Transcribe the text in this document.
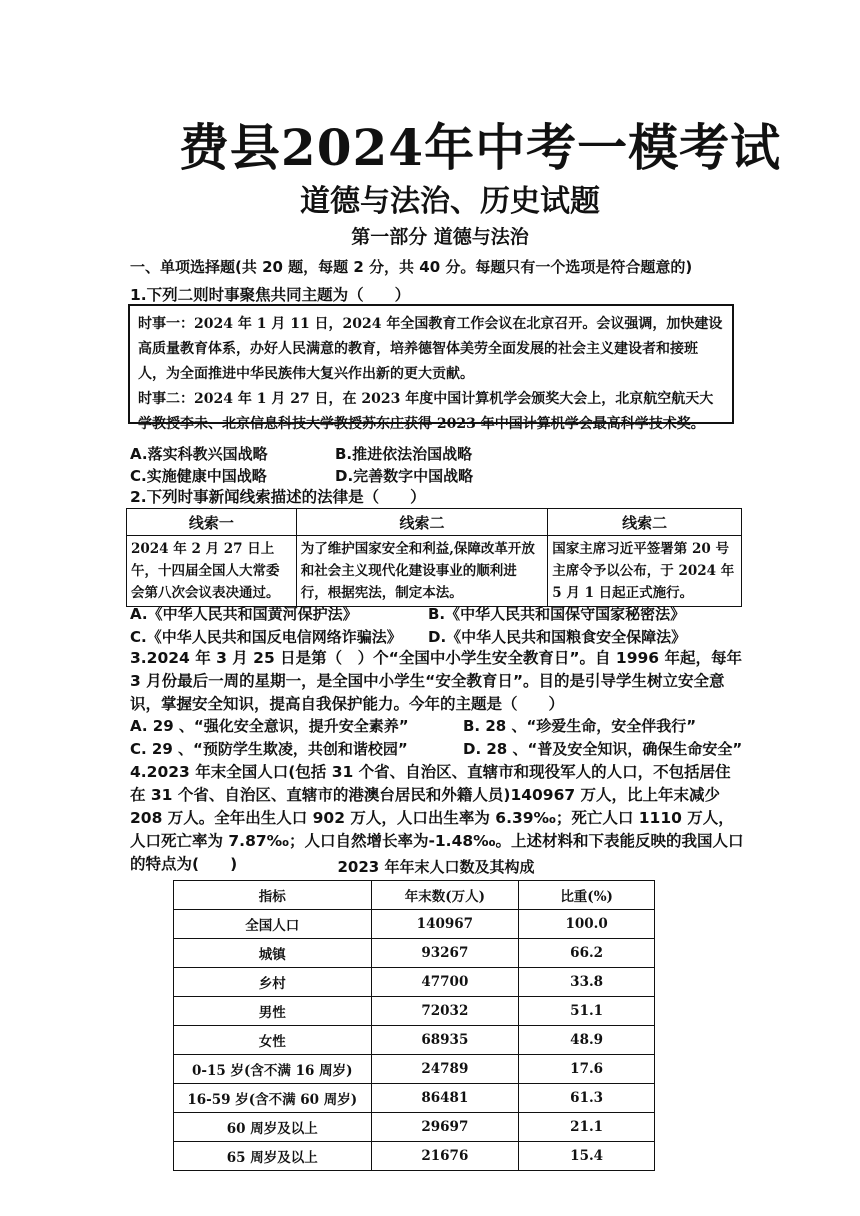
费县2024年中考一模考试
道德与法治、历史试题
第一部分 道德与法治
一、单项选择题(共 20 题，每题 2 分，共 40 分。每题只有一个选项是符合题意的)
1.下列二则时事聚焦共同主题为（　　）
时事一：2024 年 1 月 11 日，2024 年全国教育工作会议在北京召开。会议强调，加快建设高质量教育体系，办好人民满意的教育，培养德智体美劳全面发展的社会主义建设者和接班人，为全面推进中华民族伟大复兴作出新的更大贡献。
时事二：2024 年 1 月 27 日，在 2023 年度中国计算机学会颁奖大会上，北京航空航天大学教授李未、北京信息科技大学教授苏东庄获得 2023 年中国计算机学会最高科学技术奖。
A.落实科教兴国战略	B.推进依法治国战略
C.实施健康中国战略	D.完善数字中国战略
2.下列时事新闻线索描述的法律是（　　）
线索一	线索二	线索二
2024 年 2 月 27 日上午，十四届全国人大常委会第八次会议表决通过。	为了维护国家安全和利益,保障改革开放和社会主义现代化建设事业的顺利进行，根据宪法，制定本法。	国家主席习近平签署第 20 号主席令予以公布，于 2024 年 5 月 1 日起正式施行。
A.《中华人民共和国黄河保护法》	B.《中华人民共和国保守国家秘密法》
C.《中华人民共和国反电信网络诈骗法》 D.《中华人民共和国粮食安全保障法》
3.2024 年 3 月 25 日是第（　）个“全国中小学生安全教育日”。自 1996 年起，每年 3 月份最后一周的星期一，是全国中小学生“安全教育日”。目的是引导学生树立安全意识，掌握安全知识，提高自我保护能力。今年的主题是（　　）
A. 29 、“强化安全意识，提升安全素养”	B. 28 、“珍爱生命，安全伴我行”
C. 29 、“预防学生欺凌，共创和谐校园”	D. 28 、“普及安全知识，确保生命安全”
4.2023 年末全国人口(包括 31 个省、自治区、直辖市和现役军人的人口，不包括居住在 31 个省、自治区、直辖市的港澳台居民和外籍人员)140967 万人，比上年末减少 208 万人。全年出生人口 902 万人，人口出生率为 6.39‰；死亡人口 1110 万人，人口死亡率为 7.87‰；人口自然增长率为-1.48‰。上述材料和下表能反映的我国人口的特点为(　　)	2023 年年末人口数及其构成
指标	年末数(万人)	比重(%)
全国人口	140967	100.0
城镇	93267	66.2
乡村	47700	33.8
男性	72032	51.1
女性	68935	48.9
0-15 岁(含不满 16 周岁)	24789	17.6
16-59 岁(含不满 60 周岁)	86481	61.3
60 周岁及以上	29697	21.1
65 周岁及以上	21676	15.4
